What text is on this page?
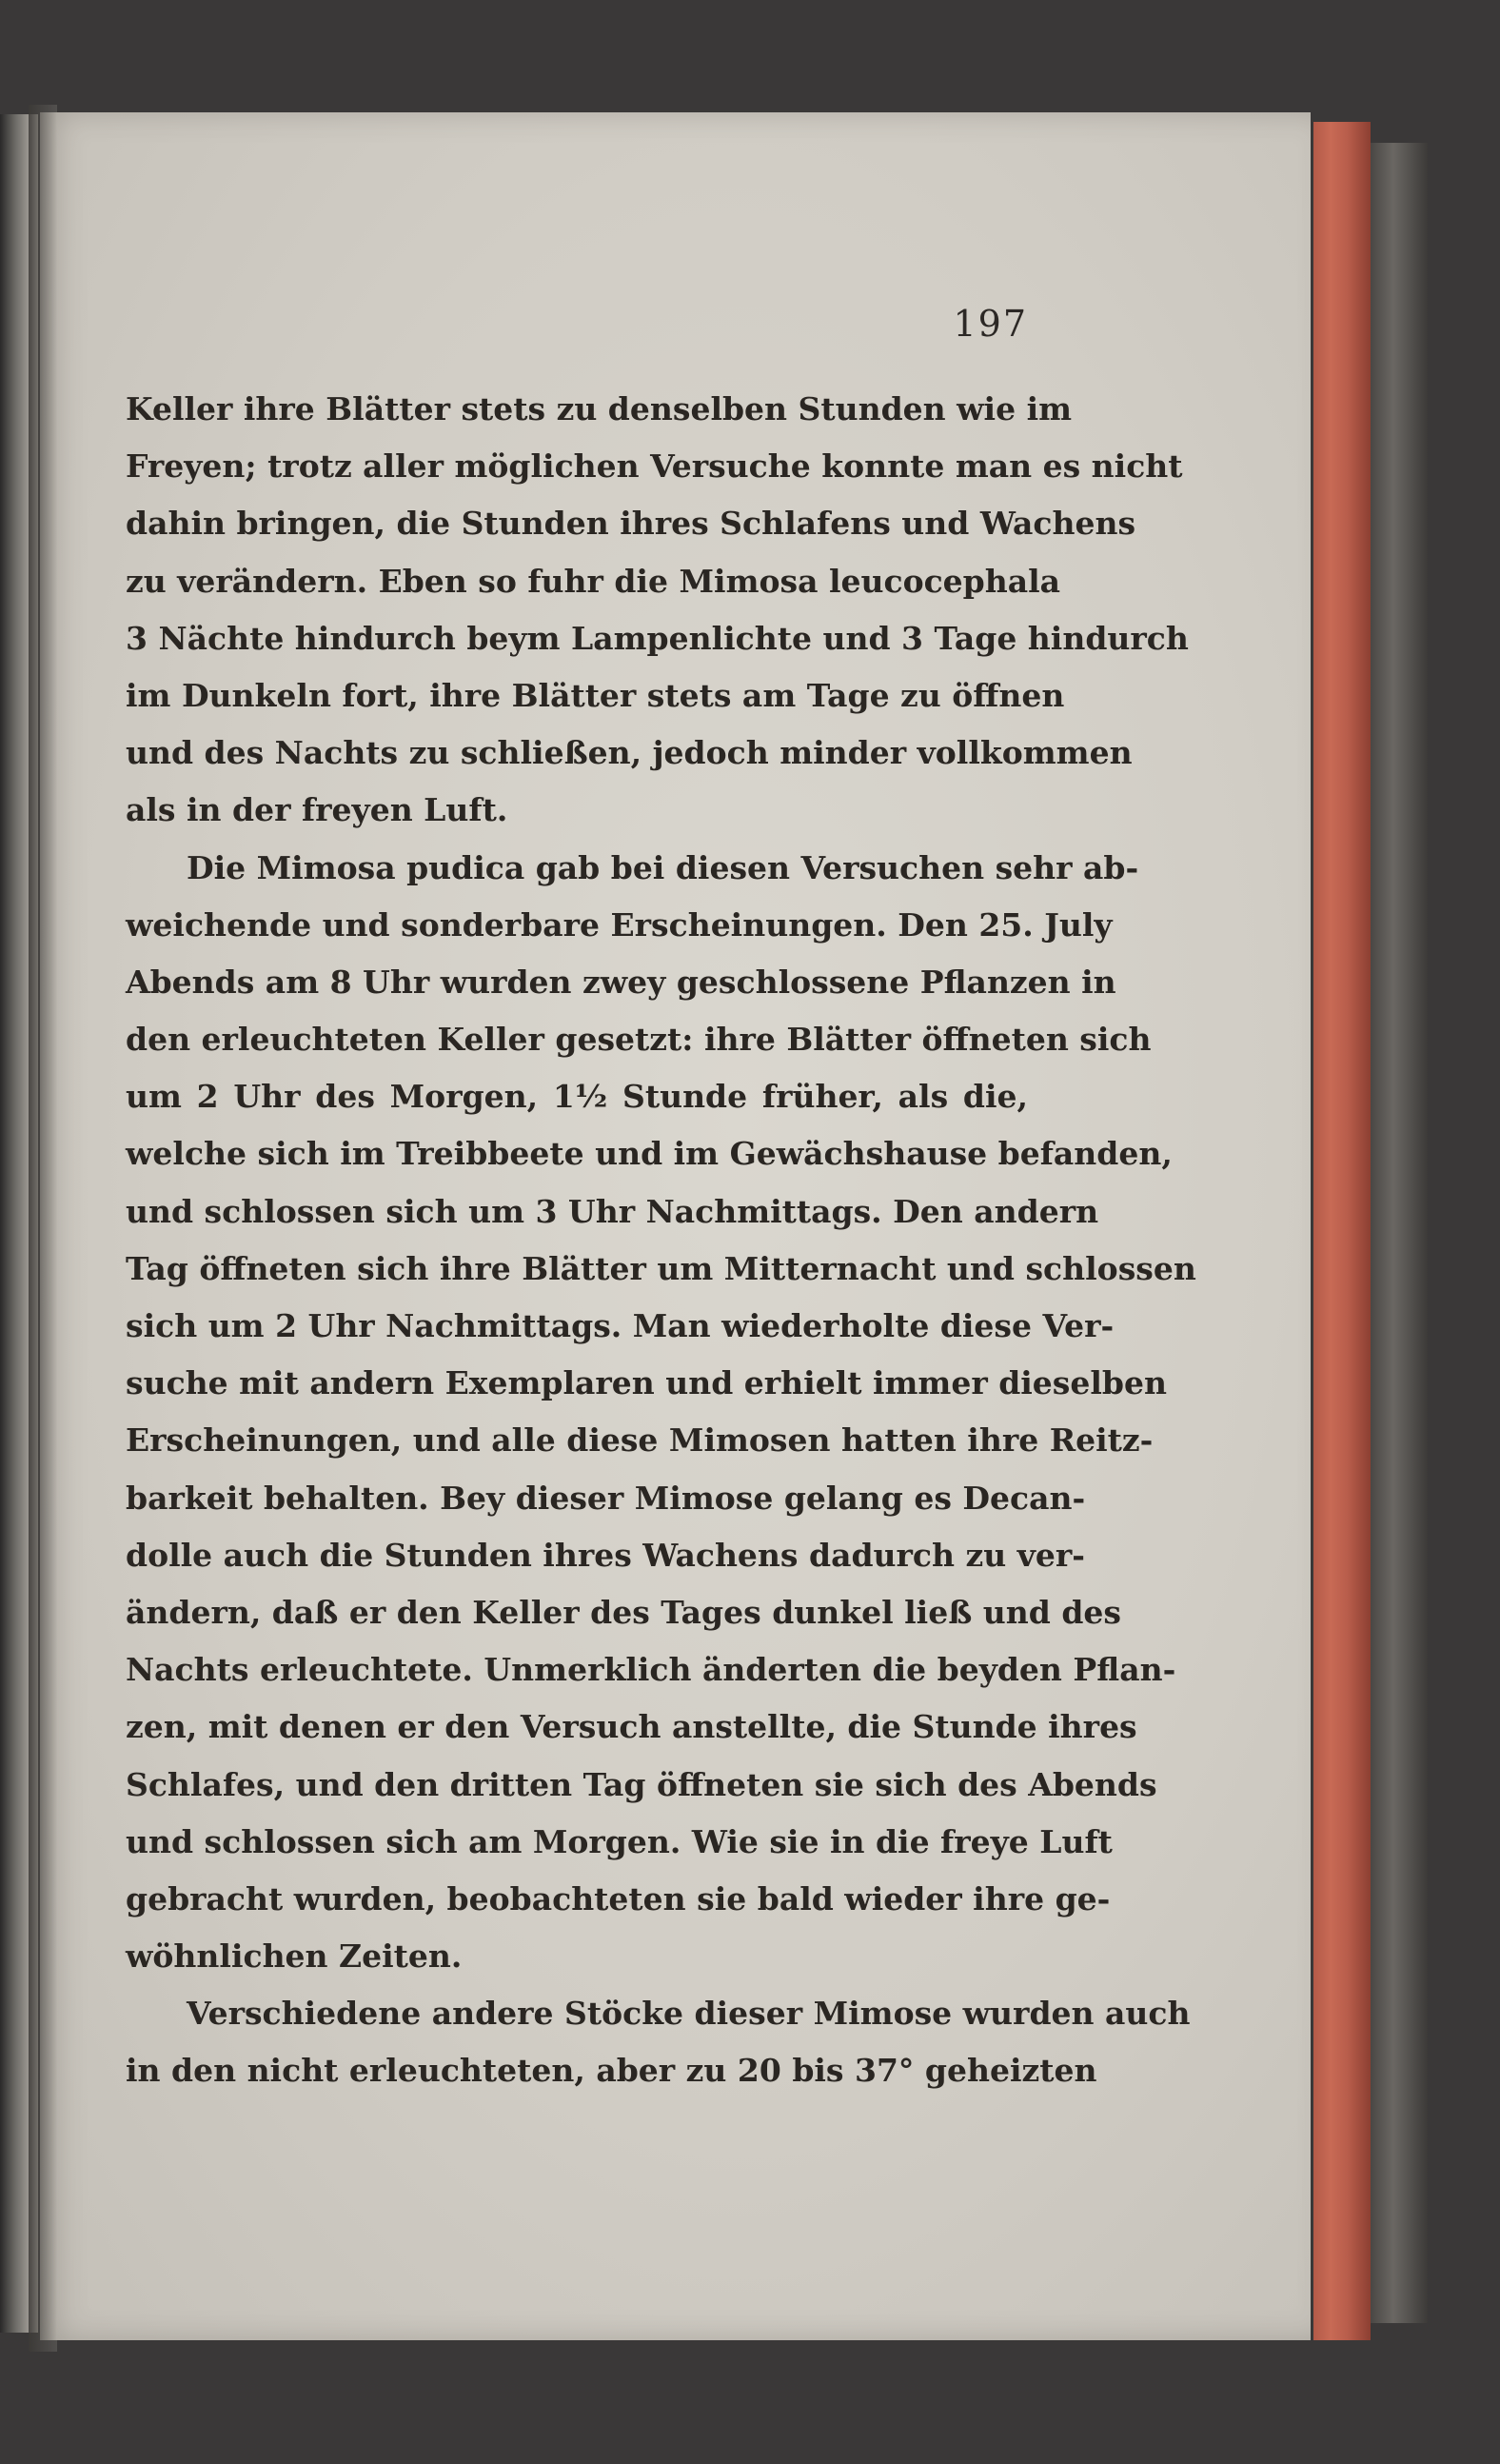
197
Keller ihre Blätter stets zu denselben Stunden wie im
Freyen; trotz aller möglichen Versuche konnte man es nicht
dahin bringen, die Stunden ihres Schlafens und Wachens
zu verändern. Eben so fuhr die Mimosa leucocephala
3 Nächte hindurch beym Lampenlichte und 3 Tage hindurch
im Dunkeln fort, ihre Blätter stets am Tage zu öffnen
und des Nachts zu schließen, jedoch minder vollkommen
als in der freyen Luft.
Die Mimosa pudica gab bei diesen Versuchen sehr ab-
weichende und sonderbare Erscheinungen. Den 25. July
Abends am 8 Uhr wurden zwey geschlossene Pflanzen in
den erleuchteten Keller gesetzt: ihre Blätter öffneten sich
um 2 Uhr des Morgen, 1½ Stunde früher, als die,
welche sich im Treibbeete und im Gewächshause befanden,
und schlossen sich um 3 Uhr Nachmittags. Den andern
Tag öffneten sich ihre Blätter um Mitternacht und schlossen
sich um 2 Uhr Nachmittags. Man wiederholte diese Ver-
suche mit andern Exemplaren und erhielt immer dieselben
Erscheinungen, und alle diese Mimosen hatten ihre Reitz-
barkeit behalten. Bey dieser Mimose gelang es Decan-
dolle auch die Stunden ihres Wachens dadurch zu ver-
ändern, daß er den Keller des Tages dunkel ließ und des
Nachts erleuchtete. Unmerklich änderten die beyden Pflan-
zen, mit denen er den Versuch anstellte, die Stunde ihres
Schlafes, und den dritten Tag öffneten sie sich des Abends
und schlossen sich am Morgen. Wie sie in die freye Luft
gebracht wurden, beobachteten sie bald wieder ihre ge-
wöhnlichen Zeiten.
Verschiedene andere Stöcke dieser Mimose wurden auch
in den nicht erleuchteten, aber zu 20 bis 37° geheizten
